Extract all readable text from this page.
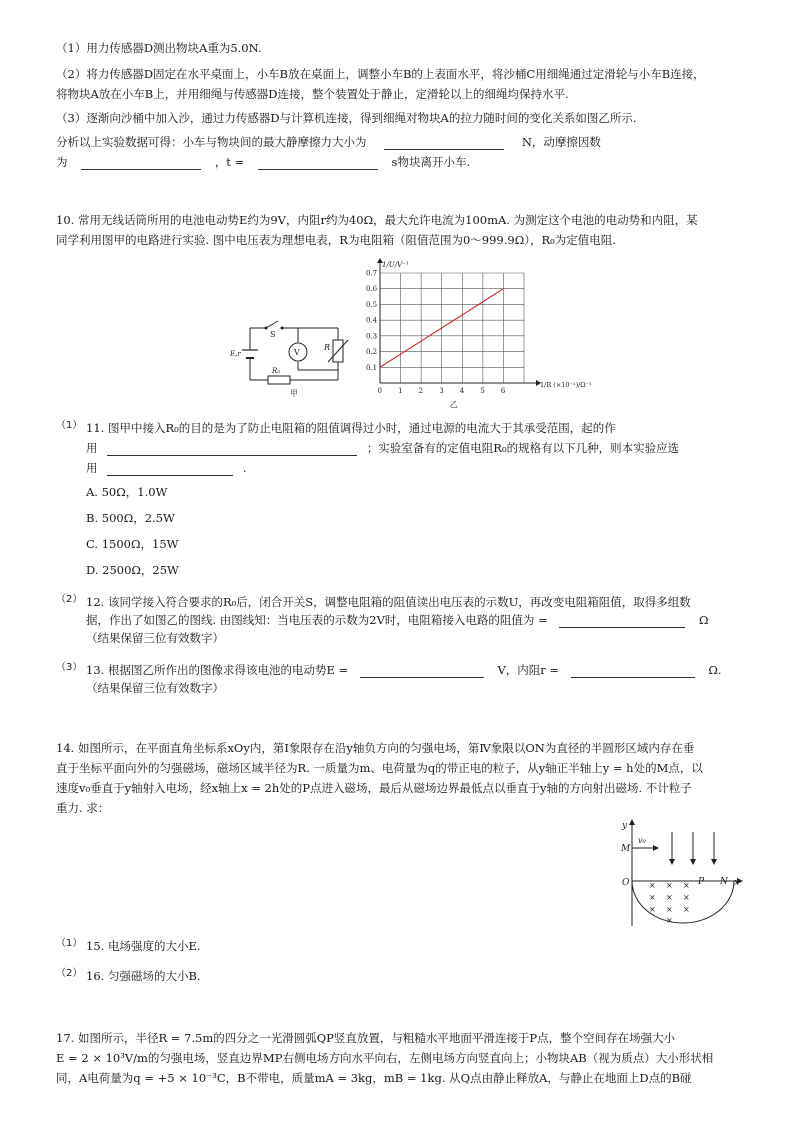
（1）用力传感器D测出物块A重为5.0N.
（2）将力传感器D固定在水平桌面上，小车B放在桌面上，调整小车B的上表面水平，将沙桶C用细绳通过定滑轮与小车B连接，
将物块A放在小车B上，并用细绳与传感器D连接，整个装置处于静止，定滑轮以上的细绳均保持水平.
（3）逐渐向沙桶中加入沙，通过力传感器D与计算机连接，得到细绳对物块A的拉力随时间的变化关系如图乙所示.
分析以上实验数据可得：小车与物块间的最大静摩擦力大小为	N，动摩擦因数
为	，t =	s物块离开小车.
10. 常用无线话筒所用的电池电动势E约为9V，内阻r约为40Ω，最大允许电流为100mA. 为测定这个电池的电动势和内阻，某
同学利用图甲的电路进行实验. 图中电压表为理想电表，R为电阻箱（阻值范围为0～999.9Ω），R₀为定值电阻.
S
E,r	V
R
R₀
甲	0 1 2 3 4 5 6
0.1
0.2
0.3
0.4
0.5
0.6
0.7
1/U/V⁻¹
1/R (×10⁻²)/Ω⁻¹
乙
（1） 11. 图甲中接入R₀的目的是为了防止电阻箱的阻值调得过小时，通过电源的电流大于其承受范围，起的作
用	；实验室备有的定值电阻R₀的规格有以下几种，则本实验应选
用	.
A. 50Ω，1.0W
B. 500Ω，2.5W
C. 1500Ω，15W
D. 2500Ω，25W
（2） 12. 该同学接入符合要求的R₀后，闭合开关S，调整电阻箱的阻值读出电压表的示数U，再改变电阻箱阻值，取得多组数
据，作出了如图乙的图线. 由图线知：当电压表的示数为2V时，电阻箱接入电路的阻值为 =	Ω
（结果保留三位有效数字）
（3） 13. 根据图乙所作出的图像求得该电池的电动势E =	V，内阻r =	Ω.
（结果保留三位有效数字）
14. 如图所示，在平面直角坐标系xOy内，第Ⅰ象限存在沿y轴负方向的匀强电场，第Ⅳ象限以ON为直径的半圆形区域内存在垂
直于坐标平面向外的匀强磁场，磁场区域半径为R. 一质量为m、电荷量为q的带正电的粒子，从y轴正半轴上y = h处的M点，以
速度v₀垂直于y轴射入电场，经x轴上x = 2h处的P点进入磁场，最后从磁场边界最低点以垂直于y轴的方向射出磁场. 不计粒子
重力. 求：
y
x
O	N
M
P
v₀
× × ×
× × ×
× × ×
×
（1） 15. 电场强度的大小E.
（2） 16. 匀强磁场的大小B.
17. 如图所示，半径R = 7.5m的四分之一光滑圆弧QP竖直放置，与粗糙水平地面平滑连接于P点，整个空间存在场强大小
E = 2 × 10³V/m的匀强电场，竖直边界MP右侧电场方向水平向右，左侧电场方向竖直向上；小物块AB（视为质点）大小形状相
同，A电荷量为q = +5 × 10⁻³C，B不带电，质量mA = 3kg，mB = 1kg. 从Q点由静止释放A，与静止在地面上D点的B碰
